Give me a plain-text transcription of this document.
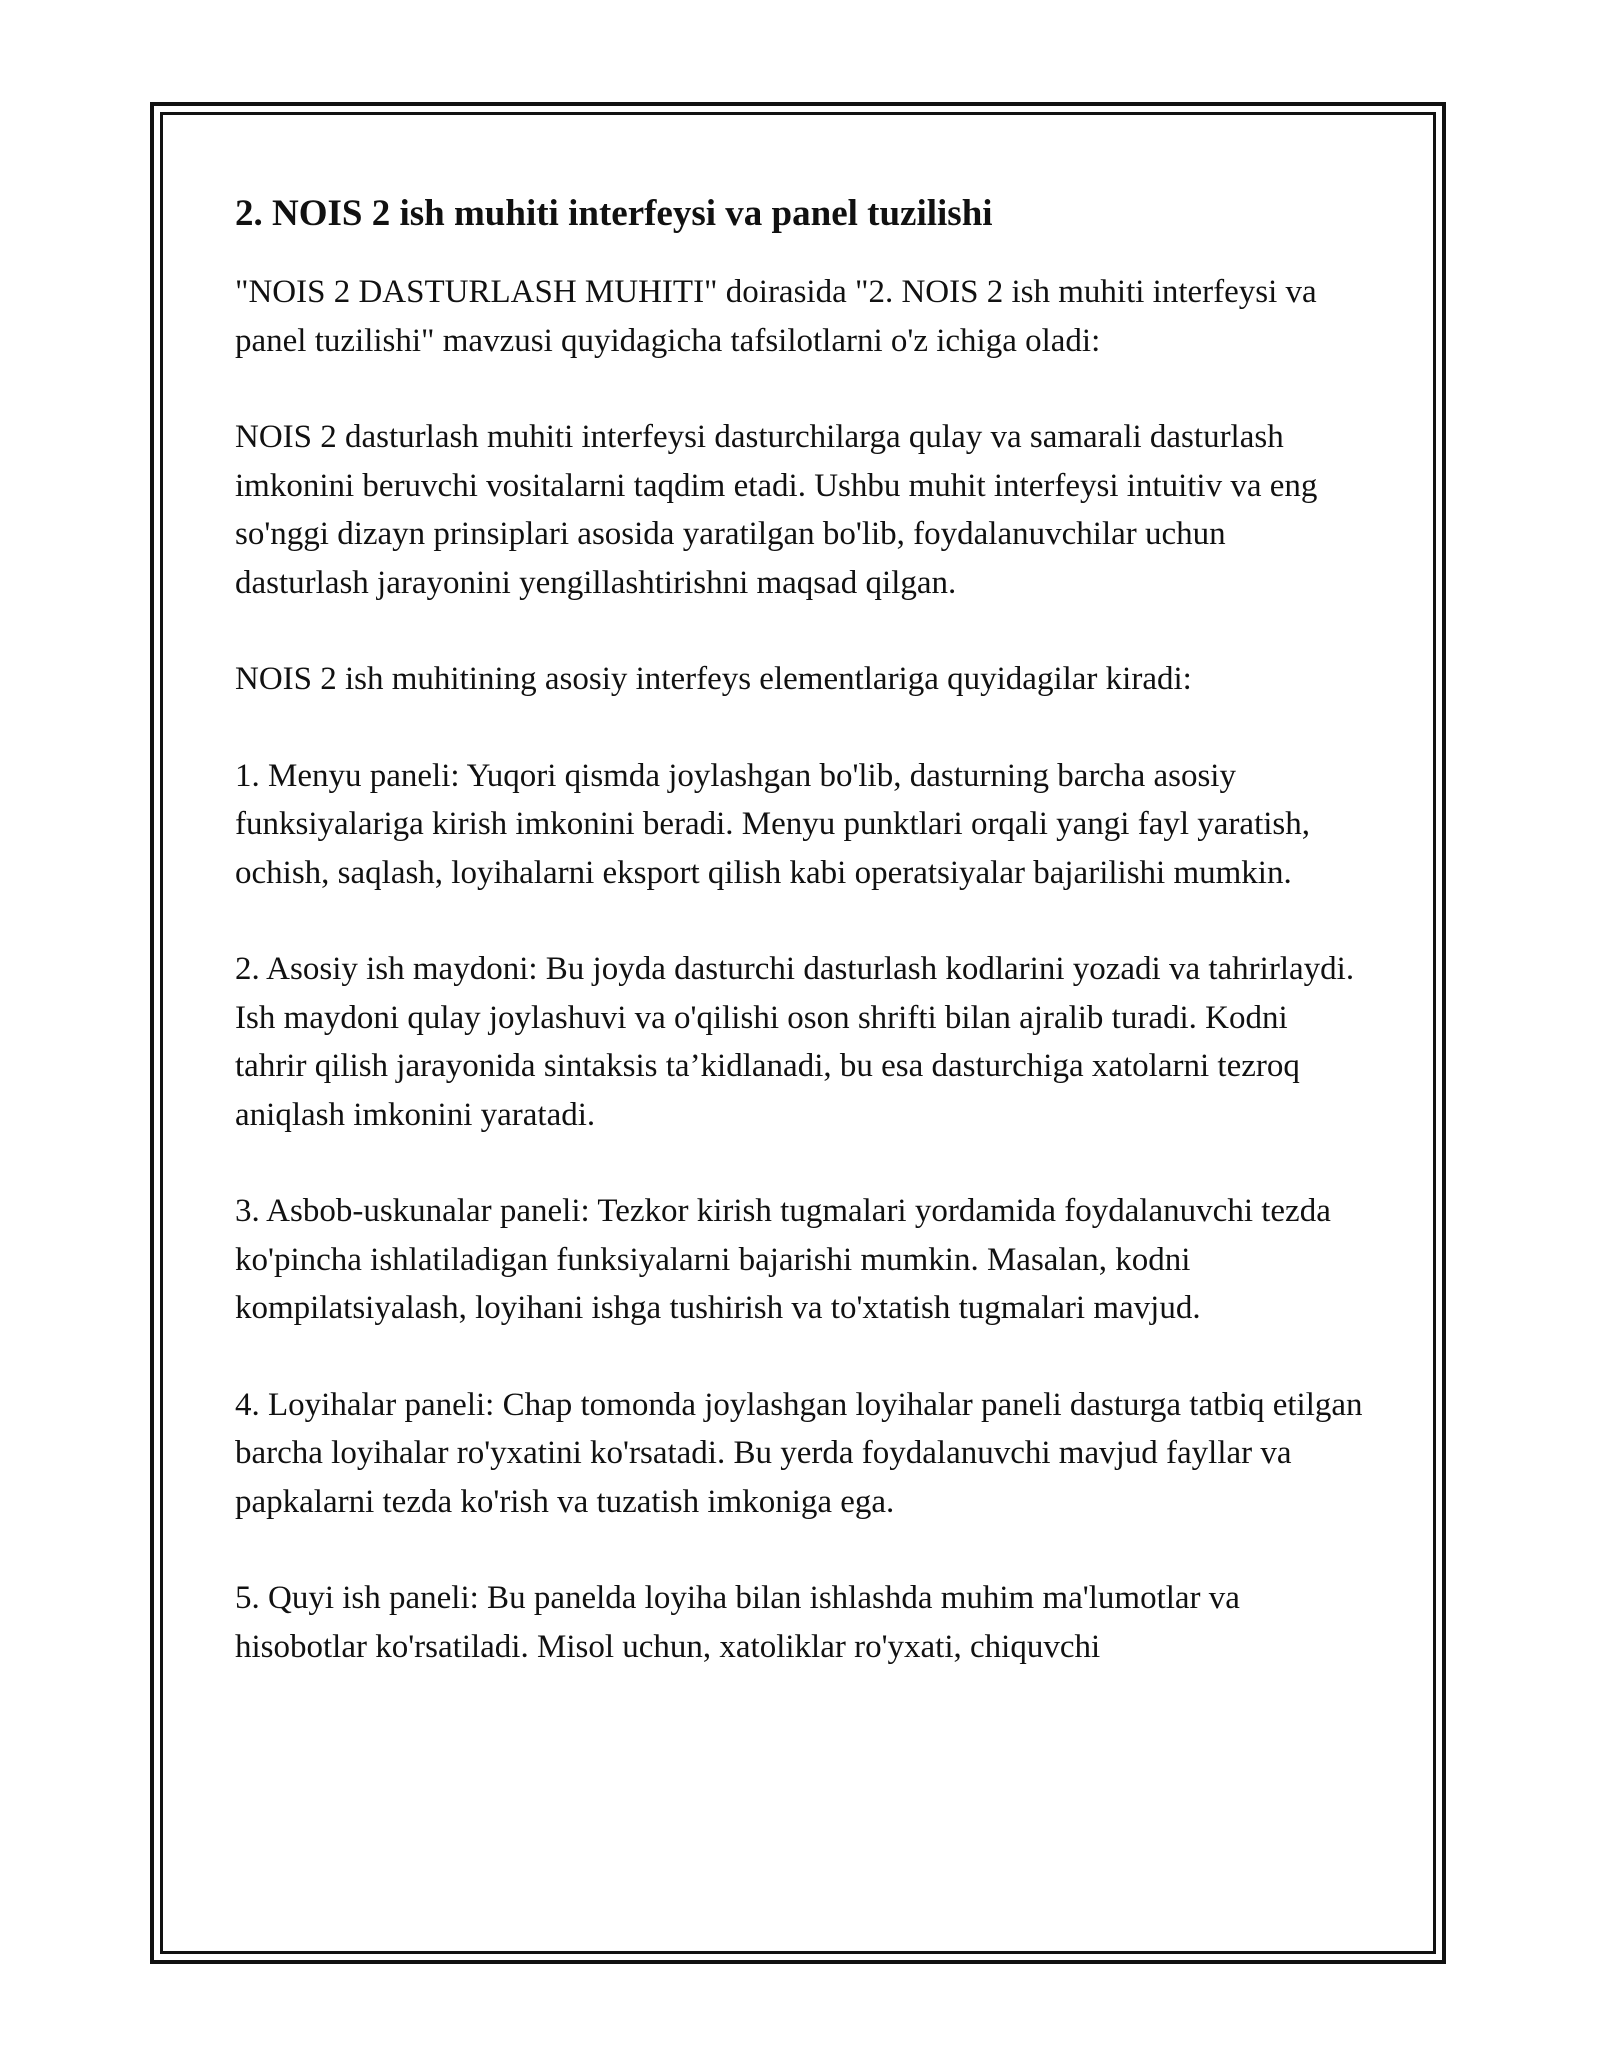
2. NOIS 2 ish muhiti interfeysi va panel tuzilishi

"NOIS 2 DASTURLASH MUHITI" doirasida "2. NOIS 2 ish muhiti interfeysi va panel tuzilishi" mavzusi quyidagicha tafsilotlarni o'z ichiga oladi:

NOIS 2 dasturlash muhiti interfeysi dasturchilarga qulay va samarali dasturlash imkonini beruvchi vositalarni taqdim etadi. Ushbu muhit interfeysi intuitiv va eng so'nggi dizayn prinsiplari asosida yaratilgan bo'lib, foydalanuvchilar uchun dasturlash jarayonini yengillashtirishni maqsad qilgan.

NOIS 2 ish muhitining asosiy interfeys elementlariga quyidagilar kiradi:

1. Menyu paneli: Yuqori qismda joylashgan bo'lib, dasturning barcha asosiy funksiyalariga kirish imkonini beradi. Menyu punktlari orqali yangi fayl yaratish, ochish, saqlash, loyihalarni eksport qilish kabi operatsiyalar bajarilishi mumkin.

2. Asosiy ish maydoni: Bu joyda dasturchi dasturlash kodlarini yozadi va tahrirlaydi. Ish maydoni qulay joylashuvi va o'qilishi oson shrifti bilan ajralib turadi. Kodni tahrir qilish jarayonida sintaksis ta’kidlanadi, bu esa dasturchiga xatolarni tezroq aniqlash imkonini yaratadi.

3. Asbob-uskunalar paneli: Tezkor kirish tugmalari yordamida foydalanuvchi tezda ko'pincha ishlatiladigan funksiyalarni bajarishi mumkin. Masalan, kodni kompilatsiyalash, loyihani ishga tushirish va to'xtatish tugmalari mavjud.

4. Loyihalar paneli: Chap tomonda joylashgan loyihalar paneli dasturga tatbiq etilgan barcha loyihalar ro'yxatini ko'rsatadi. Bu yerda foydalanuvchi mavjud fayllar va papkalarni tezda ko'rish va tuzatish imkoniga ega.

5. Quyi ish paneli: Bu panelda loyiha bilan ishlashda muhim ma'lumotlar va hisobotlar ko'rsatiladi. Misol uchun, xatoliklar ro'yxati, chiquvchi
